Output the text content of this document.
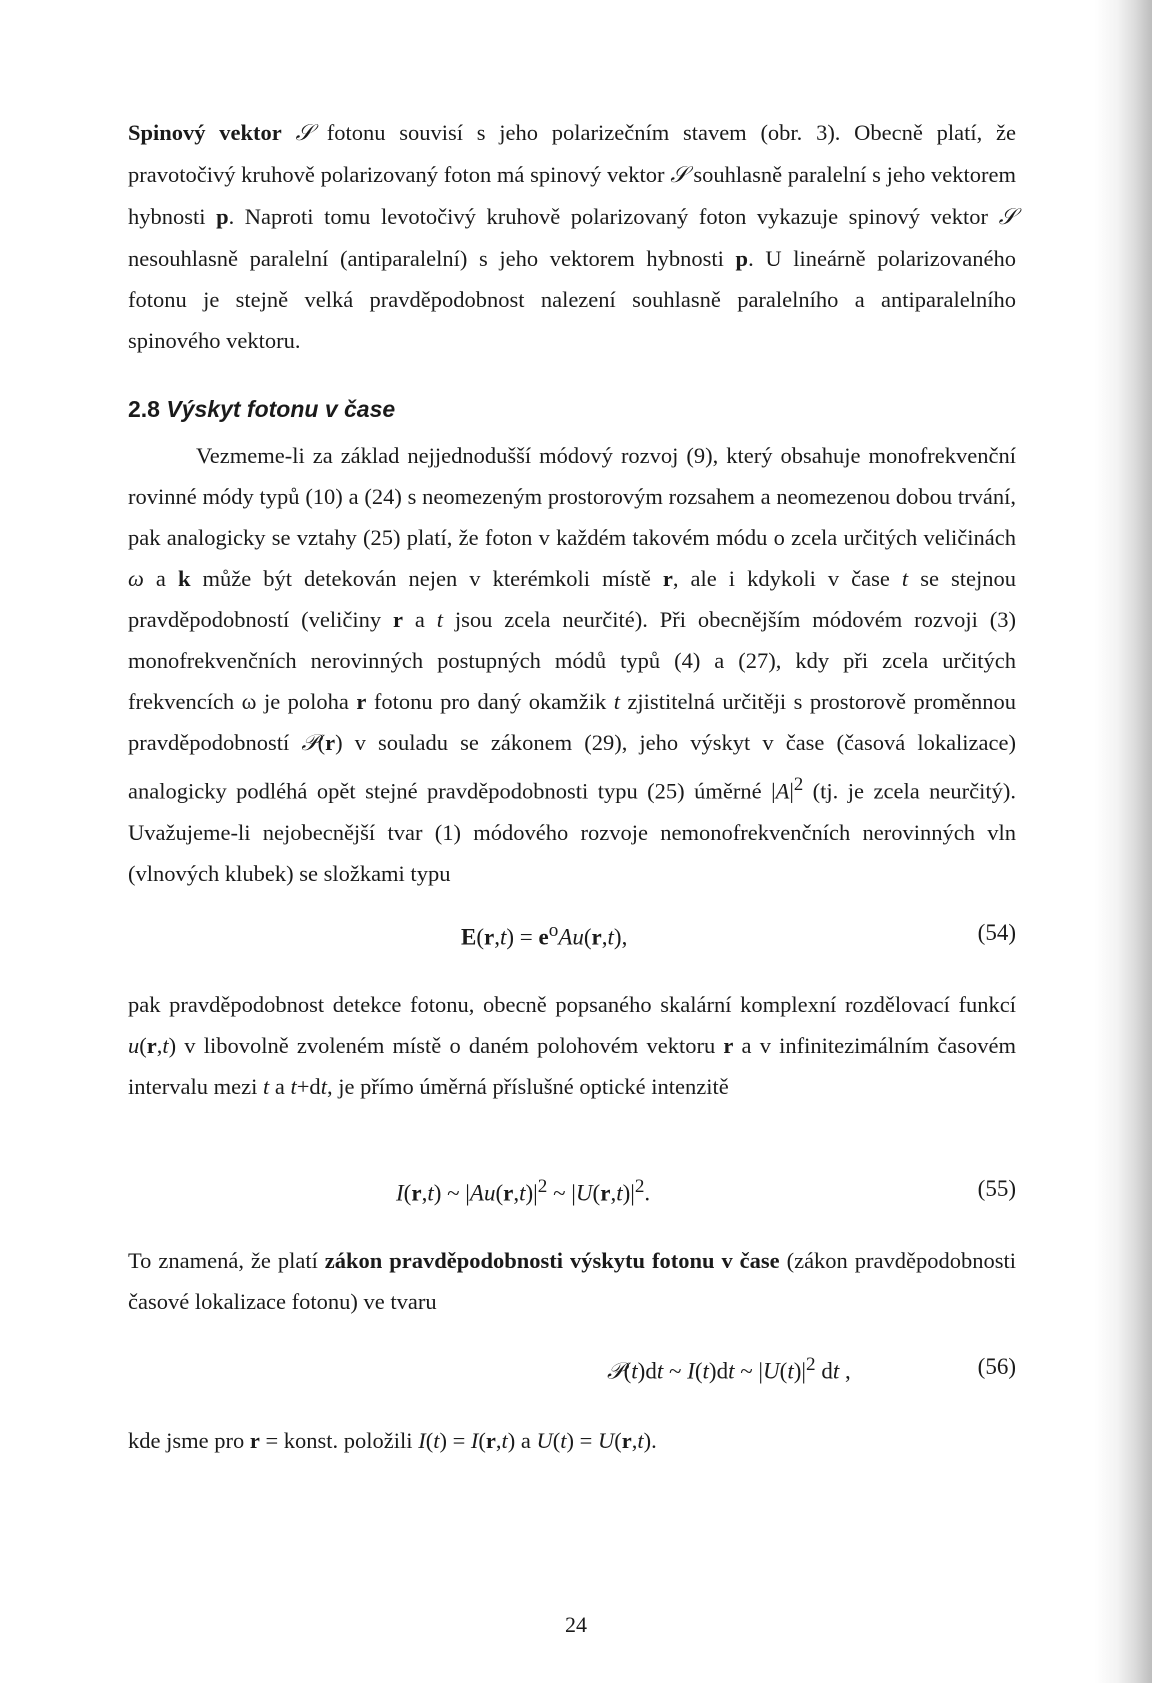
Spinový vektor 𝒮 fotonu souvisí s jeho polarizečním stavem (obr. 3). Obecně platí, že pravotočivý kruhově polarizovaný foton má spinový vektor 𝒮 souhlasně paralelní s jeho vektorem hybnosti p. Naproti tomu levotočivý kruhově polarizovaný foton vykazuje spinový vektor 𝒮 nesouhlasně paralelní (antiparalelní) s jeho vektorem hybnosti p. U lineárně polarizovaného fotonu je stejně velká pravděpodobnost nalezení souhlasně paralelního a antiparalelního spinového vektoru.
2.8 Výskyt fotonu v čase
Vezmeme-li za základ nejjednodušší módový rozvoj (9), který obsahuje monofrekvenční rovinné módy typů (10) a (24) s neomezeným prostorovým rozsahem a neomezenou dobou trvání, pak analogicky se vztahy (25) platí, že foton v každém takovém módu o zcela určitých veličinách ω a k může být detekován nejen v kterémkoli místě r, ale i kdykoli v čase t se stejnou pravděpodobností (veličiny r a t jsou zcela neurčité). Při obecnějším módovém rozvoji (3) monofrekvenčních nerovinných postupných módů typů (4) a (27), kdy při zcela určitých frekvencích ω je poloha r fotonu pro daný okamžik t zjistitelná určitěji s prostorově proměnnou pravděpodobností 𝒫(r) v souladu se zákonem (29), jeho výskyt v čase (časová lokalizace) analogicky podléhá opět stejné pravděpodobnosti typu (25) úměrné $|A|^2$ (tj. je zcela neurčitý). Uvažujeme-li nejobecnější tvar (1) módového rozvoje nemonofrekvenčních nerovinných vln (vlnových klubek) se složkami typu
$E(r,t) = e^oAu(r,t)$,	(54)
pak pravděpodobnost detekce fotonu, obecně popsaného skalární komplexní rozdělovací funkcí u(r,t) v libovolně zvoleném místě o daném polohovém vektoru r a v infinitezimálním časovém intervalu mezi t a t+dt, je přímo úměrná příslušné optické intenzitě
I(r,t) ~ $|Au(r,t)|^2$ ~ $|U(r,t)|^2$.	(55)
To znamená, že platí zákon pravděpodobnosti výskytu fotonu v čase (zákon pravděpodobnosti časové lokalizace fotonu) ve tvaru
𝒫(t)dt ~ I(t)dt ~ $|U(t)|^2$ dt ,	(56)
kde jsme pro r = konst. položili I(t) = I(r,t) a U(t) = U(r,t).
24
